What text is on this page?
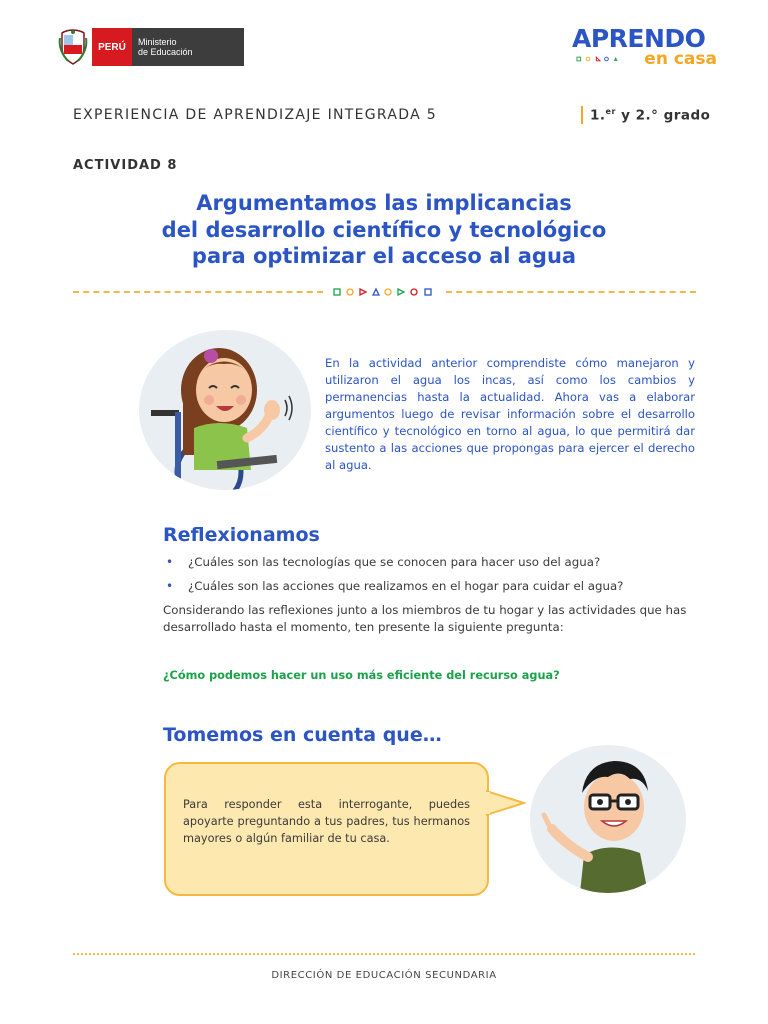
PERÚ	Ministerio
de Educación	APRENDO
en casa
EXPERIENCIA DE APRENDIZAJE INTEGRADA 5	1.$^{er}$ y 2.° grado
ACTIVIDAD 8
Argumentamos las implicancias
del desarrollo científico y tecnológico
para optimizar el acceso al agua
En la actividad anterior comprendiste cómo manejaron y utilizaron el agua los incas, así como los cambios y permanencias hasta la actualidad. Ahora vas a elaborar argumentos luego de revisar información sobre el desarrollo científico y tecnológico en torno al agua, lo que permitirá dar sustento a las acciones que propongas para ejercer el derecho al agua.
Reflexionamos
• ¿Cuáles son las tecnologías que se conocen para hacer uso del agua?
• ¿Cuáles son las acciones que realizamos en el hogar para cuidar el agua?
Considerando las reflexiones junto a los miembros de tu hogar y las actividades que has desarrollado hasta el momento, ten presente la siguiente pregunta:
¿Cómo podemos hacer un uso más eficiente del recurso agua?
Tomemos en cuenta que…
Para responder esta interrogante, puedes apoyarte preguntando a tus padres, tus hermanos mayores o algún familiar de tu casa.
DIRECCIÓN DE EDUCACIÓN SECUNDARIA
